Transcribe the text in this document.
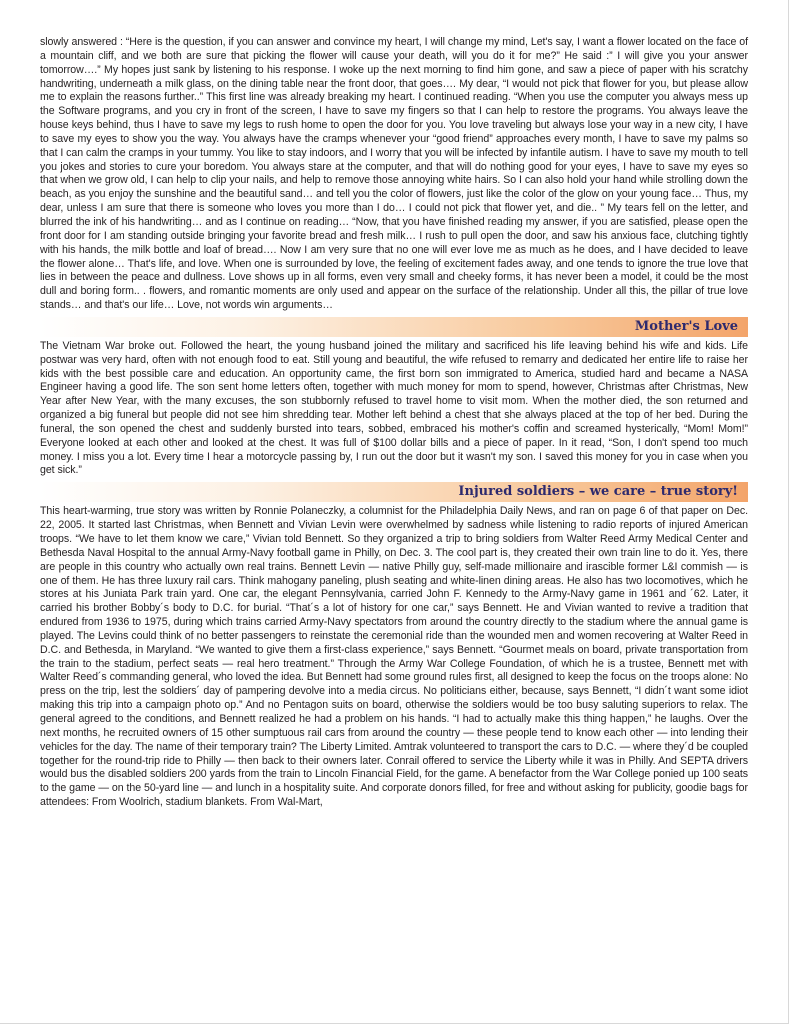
slowly answered : “Here is the question, if you can answer and convince my heart, I will change my mind, Let's say, I want a flower located on the face of a mountain cliff, and we both are sure that picking the flower will cause your death, will you do it for me?” He said :” I will give you your answer tomorrow….” My hopes just sank by listening to his response. I woke up the next morning to find him gone, and saw a piece of paper with his scratchy handwriting, underneath a milk glass, on the dining table near the front door, that goes…. My dear, “I would not pick that flower for you, but please allow me to explain the reasons further..” This first line was already breaking my heart. I continued reading. “When you use the computer you always mess up the Software programs, and you cry in front of the screen, I have to save my fingers so that I can help to restore the programs. You always leave the house keys behind, thus I have to save my legs to rush home to open the door for you. You love traveling but always lose your way in a new city, I have to save my eyes to show you the way. You always have the cramps whenever your “good friend” approaches every month, I have to save my palms so that I can calm the cramps in your tummy. You like to stay indoors, and I worry that you will be infected by infantile autism. I have to save my mouth to tell you jokes and stories to cure your boredom. You always stare at the computer, and that will do nothing good for your eyes, I have to save my eyes so that when we grow old, I can help to clip your nails, and help to remove those annoying white hairs. So I can also hold your hand while strolling down the beach, as you enjoy the sunshine and the beautiful sand… and tell you the color of flowers, just like the color of the glow on your young face… Thus, my dear, unless I am sure that there is someone who loves you more than I do… I could not pick that flower yet, and die.. ” My tears fell on the letter, and blurred the ink of his handwriting… and as I continue on reading… “Now, that you have finished reading my answer, if you are satisfied, please open the front door for I am standing outside bringing your favorite bread and fresh milk… I rush to pull open the door, and saw his anxious face, clutching tightly with his hands, the milk bottle and loaf of bread…. Now I am very sure that no one will ever love me as much as he does, and I have decided to leave the flower alone… That's life, and love. When one is surrounded by love, the feeling of excitement fades away, and one tends to ignore the true love that lies in between the peace and dullness. Love shows up in all forms, even very small and cheeky forms, it has never been a model, it could be the most dull and boring form.. . flowers, and romantic moments are only used and appear on the surface of the relationship. Under all this, the pillar of true love stands… and that's our life… Love, not words win arguments…

Mother's Love

The Vietnam War broke out. Followed the heart, the young husband joined the military and sacrificed his life leaving behind his wife and kids. Life postwar was very hard, often with not enough food to eat. Still young and beautiful, the wife refused to remarry and dedicated her entire life to raise her kids with the best possible care and education. An opportunity came, the first born son immigrated to America, studied hard and became a NASA Engineer having a good life. The son sent home letters often, together with much money for mom to spend, however, Christmas after Christmas, New Year after New Year, with the many excuses, the son stubbornly refused to travel home to visit mom. When the mother died, the son returned and organized a big funeral but people did not see him shredding tear. Mother left behind a chest that she always placed at the top of her bed. During the funeral, the son opened the chest and suddenly bursted into tears, sobbed, embraced his mother's coffin and screamed hysterically, “Mom! Mom!” Everyone looked at each other and looked at the chest. It was full of $100 dollar bills and a piece of paper. In it read, “Son, I don't spend too much money. I miss you a lot. Every time I hear a motorcycle passing by, I run out the door but it wasn't my son. I saved this money for you in case when you get sick.”

Injured soldiers – we care – true story!

This heart-warming, true story was written by Ronnie Polaneczky, a columnist for the Philadelphia Daily News, and ran on page 6 of that paper on Dec. 22, 2005. It started last Christmas, when Bennett and Vivian Levin were overwhelmed by sadness while listening to radio reports of injured American troops. “We have to let them know we care,” Vivian told Bennett. So they organized a trip to bring soldiers from Walter Reed Army Medical Center and Bethesda Naval Hospital to the annual Army-Navy football game in Philly, on Dec. 3. The cool part is, they created their own train line to do it. Yes, there are people in this country who actually own real trains. Bennett Levin — native Philly guy, self-made millionaire and irascible former L&I commish — is one of them. He has three luxury rail cars. Think mahogany paneling, plush seating and white-linen dining areas. He also has two locomotives, which he stores at his Juniata Park train yard. One car, the elegant Pennsylvania, carried John F. Kennedy to the Army-Navy game in 1961 and ´62. Later, it carried his brother Bobby´s body to D.C. for burial. “That´s a lot of history for one car,” says Bennett. He and Vivian wanted to revive a tradition that endured from 1936 to 1975, during which trains carried Army-Navy spectators from around the country directly to the stadium where the annual game is played. The Levins could think of no better passengers to reinstate the ceremonial ride than the wounded men and women recovering at Walter Reed in D.C. and Bethesda, in Maryland. “We wanted to give them a first-class experience,” says Bennett. “Gourmet meals on board, private transportation from the train to the stadium, perfect seats — real hero treatment.” Through the Army War College Foundation, of which he is a trustee, Bennett met with Walter Reed´s commanding general, who loved the idea. But Bennett had some ground rules first, all designed to keep the focus on the troops alone: No press on the trip, lest the soldiers´ day of pampering devolve into a media circus. No politicians either, because, says Bennett, “I didn´t want some idiot making this trip into a campaign photo op.” And no Pentagon suits on board, otherwise the soldiers would be too busy saluting superiors to relax. The general agreed to the conditions, and Bennett realized he had a problem on his hands. “I had to actually make this thing happen,” he laughs. Over the next months, he recruited owners of 15 other sumptuous rail cars from around the country — these people tend to know each other — into lending their vehicles for the day. The name of their temporary train? The Liberty Limited. Amtrak volunteered to transport the cars to D.C. — where they´d be coupled together for the round-trip ride to Philly — then back to their owners later. Conrail offered to service the Liberty while it was in Philly. And SEPTA drivers would bus the disabled soldiers 200 yards from the train to Lincoln Financial Field, for the game. A benefactor from the War College ponied up 100 seats to the game — on the 50-yard line — and lunch in a hospitality suite. And corporate donors filled, for free and without asking for publicity, goodie bags for attendees: From Woolrich, stadium blankets. From Wal-Mart,
